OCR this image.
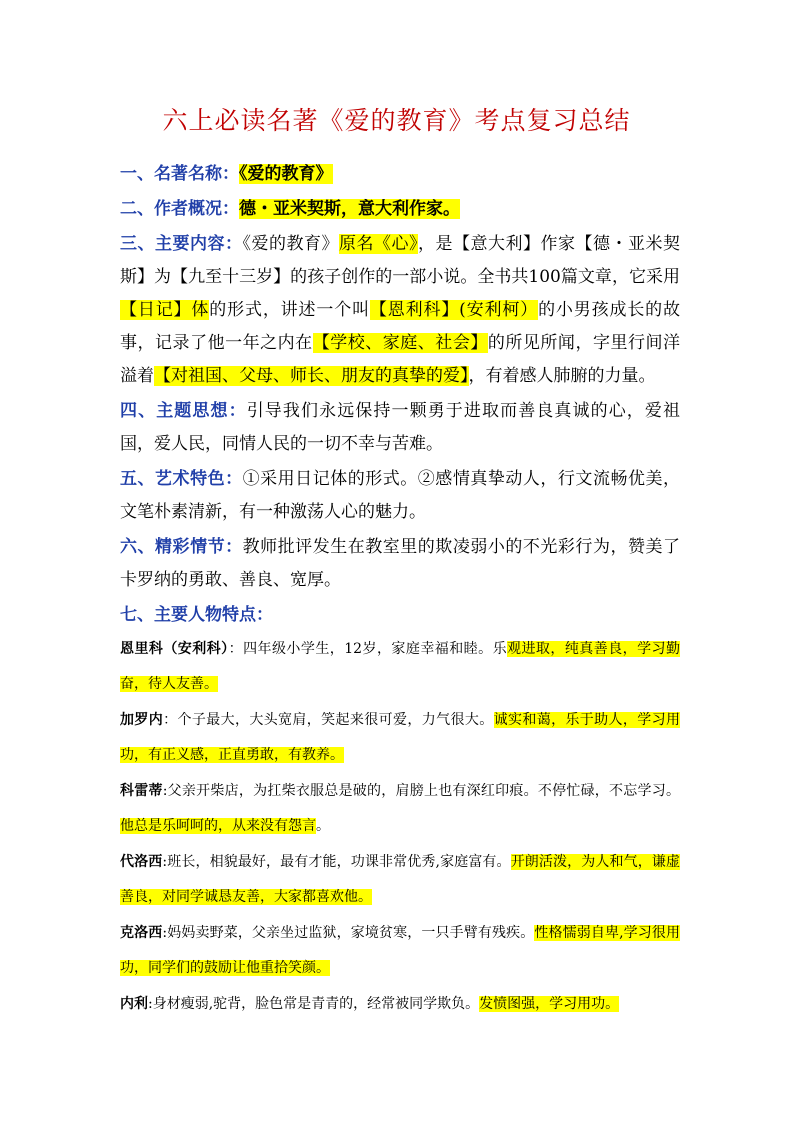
六上必读名著《爱的教育》考点复习总结
一、名著名称：《爱的教育》
二、作者概况：德・亚米契斯，意大利作家。
三、主要内容：《爱的教育》原名《心》，是【意大利】作家【德・亚米契斯】为【九至十三岁】的孩子创作的一部小说。全书共100篇文章，它采用【日记】体的形式，讲述一个叫【恩利科】(安利柯）的小男孩成长的故事，记录了他一年之内在【学校、家庭、社会】的所见所闻，字里行间洋溢着【对祖国、父母、师长、朋友的真挚的爱】，有着感人肺腑的力量。
四、主题思想：引导我们永远保持一颗勇于进取而善良真诚的心，爱祖国，爱人民，同情人民的一切不幸与苦难。
五、艺术特色：①采用日记体的形式。②感情真挚动人，行文流畅优美，文笔朴素清新，有一种激荡人心的魅力。
六、精彩情节：教师批评发生在教室里的欺凌弱小的不光彩行为，赞美了卡罗纳的勇敢、善良、宽厚。
七、主要人物特点：
恩里科（安利科）：四年级小学生，12岁，家庭幸福和睦。乐观进取，纯真善良，学习勤奋，待人友善。
加罗内：个子最大，大头宽肩，笑起来很可爱，力气很大。诚实和蔼，乐于助人，学习用功，有正义感，正直勇敢，有教养。
科雷蒂:父亲开柴店，为扛柴衣服总是破的，肩膀上也有深红印痕。不停忙碌，不忘学习。他总是乐呵呵的，从来没有怨言。
代洛西:班长，相貌最好，最有才能，功课非常优秀,家庭富有。开朗活泼，为人和气，谦虚善良，对同学诚恳友善，大家都喜欢他。
克洛西:妈妈卖野菜，父亲坐过监狱，家境贫寒，一只手臂有残疾。性格懦弱自卑,学习很用功，同学们的鼓励让他重拾笑颜。
内利:身材瘦弱,驼背，脸色常是青青的，经常被同学欺负。发愤图强，学习用功。
